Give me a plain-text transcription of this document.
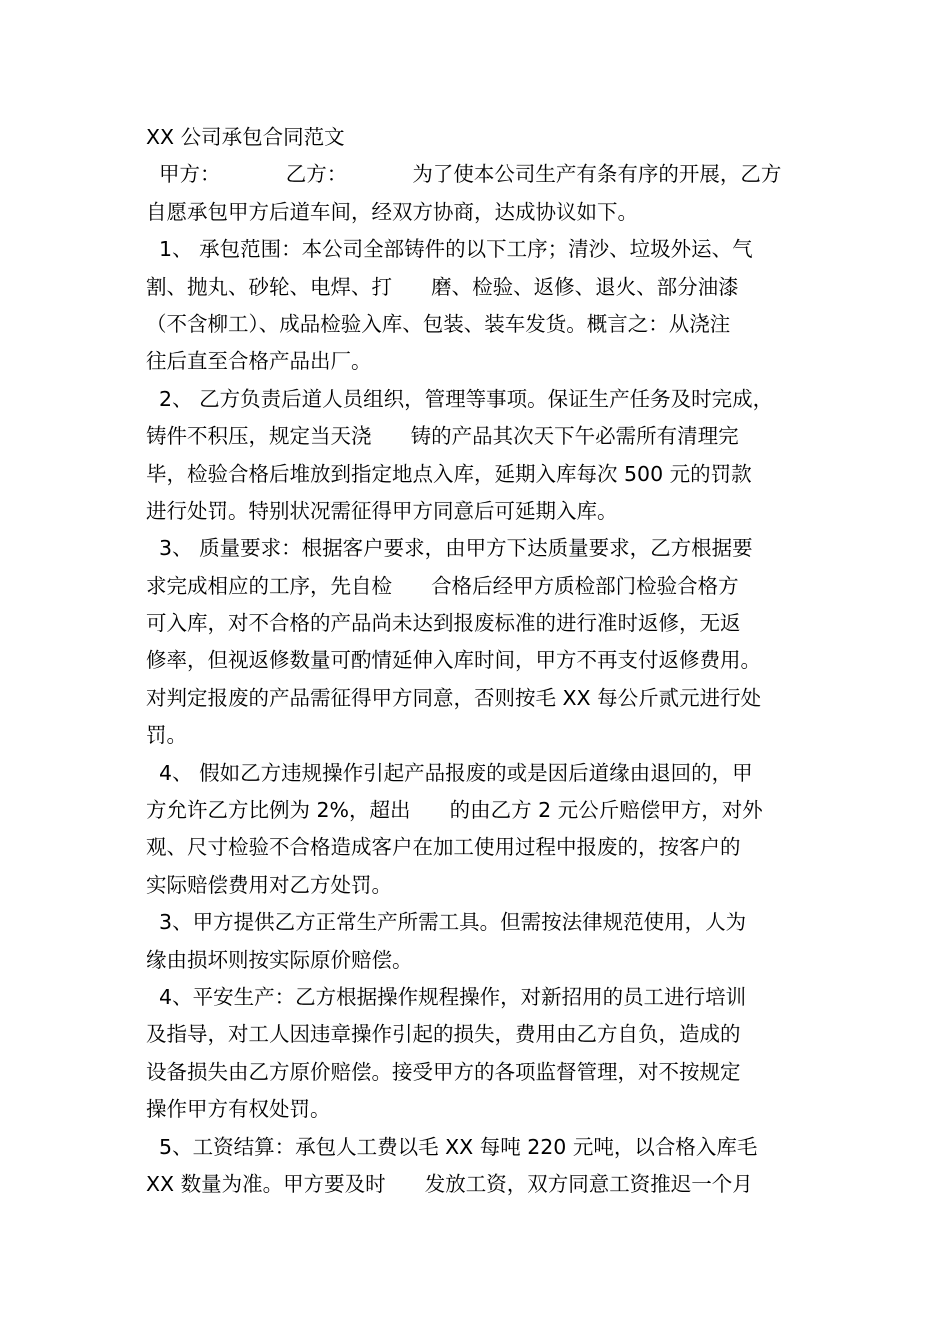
XX 公司承包合同范文
甲方：          乙方：          为了使本公司生产有条有序的开展，乙方
自愿承包甲方后道车间，经双方协商，达成协议如下。
1、 承包范围：本公司全部铸件的以下工序；清沙、垃圾外运、气
割、抛丸、砂轮、电焊、打      磨、检验、返修、退火、部分油漆
（不含柳工）、成品检验入库、包装、装车发货。概言之：从浇注
往后直至合格产品出厂。
2、 乙方负责后道人员组织，管理等事项。保证生产任务及时完成，
铸件不积压，规定当天浇      铸的产品其次天下午必需所有清理完
毕，检验合格后堆放到指定地点入库，延期入库每次 500 元的罚款
进行处罚。特别状况需征得甲方同意后可延期入库。
3、 质量要求：根据客户要求，由甲方下达质量要求，乙方根据要
求完成相应的工序，先自检      合格后经甲方质检部门检验合格方
可入库，对不合格的产品尚未达到报废标准的进行准时返修，无返
修率，但视返修数量可酌情延伸入库时间，甲方不再支付返修费用。
对判定报废的产品需征得甲方同意，否则按毛 XX 每公斤贰元进行处
罚。
4、 假如乙方违规操作引起产品报废的或是因后道缘由退回的，甲
方允许乙方比例为 2%，超出      的由乙方 2 元公斤赔偿甲方，对外
观、尺寸检验不合格造成客户在加工使用过程中报废的，按客户的
实际赔偿费用对乙方处罚。
3、甲方提供乙方正常生产所需工具。但需按法律规范使用，人为
缘由损坏则按实际原价赔偿。
4、平安生产：乙方根据操作规程操作，对新招用的员工进行培训
及指导，对工人因违章操作引起的损失，费用由乙方自负，造成的
设备损失由乙方原价赔偿。接受甲方的各项监督管理，对不按规定
操作甲方有权处罚。
5、工资结算：承包人工费以毛 XX 每吨 220 元吨，以合格入库毛
XX 数量为准。甲方要及时      发放工资，双方同意工资推迟一个月
